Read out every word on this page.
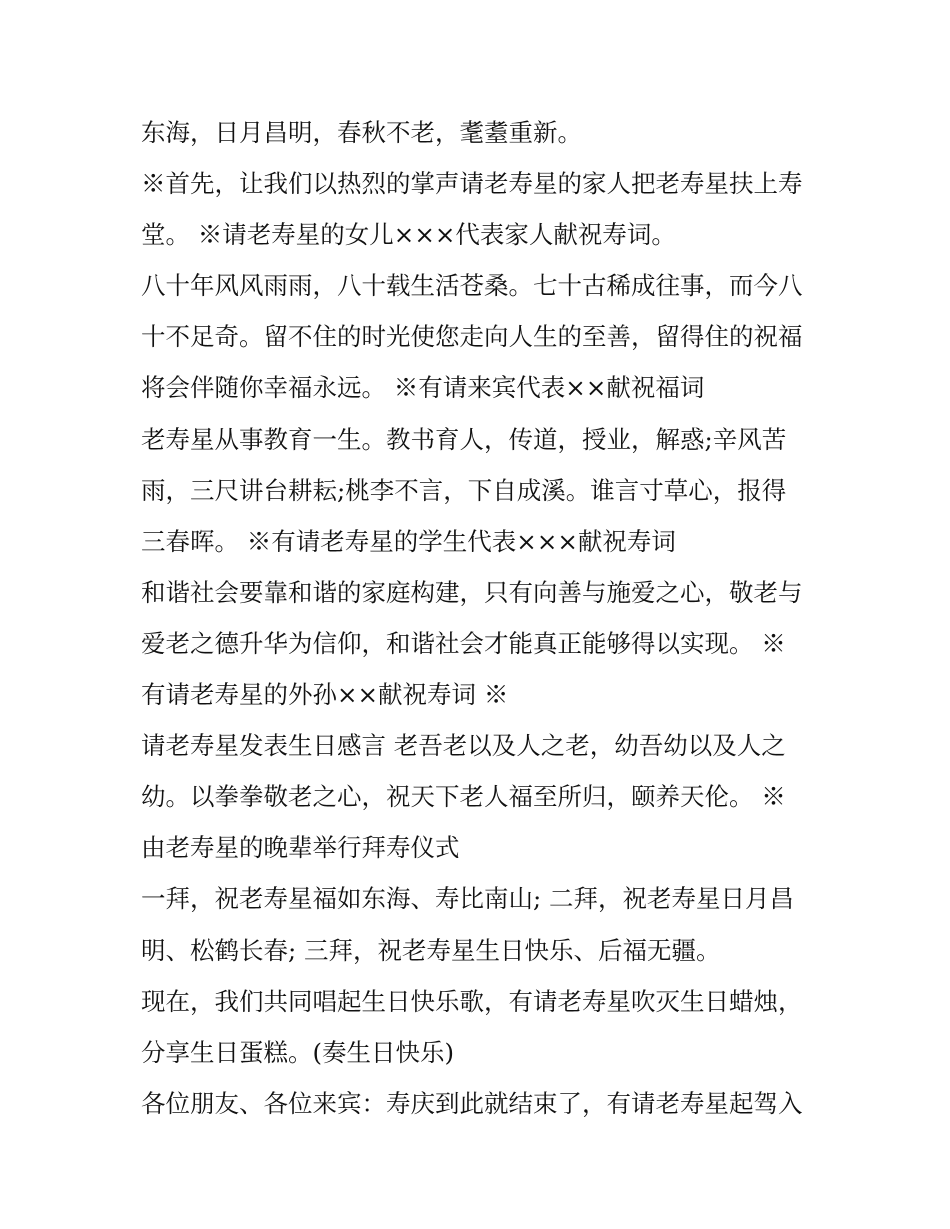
东海，日月昌明，春秋不老，耄耋重新。
※首先，让我们以热烈的掌声请老寿星的家人把老寿星扶上寿
堂。 ※请老寿星的女儿×××代表家人献祝寿词。
八十年风风雨雨，八十载生活苍桑。七十古稀成往事，而今八
十不足奇。留不住的时光使您走向人生的至善，留得住的祝福
将会伴随你幸福永远。 ※有请来宾代表××献祝福词
老寿星从事教育一生。教书育人，传道，授业，解惑;辛风苦
雨，三尺讲台耕耘;桃李不言，下自成溪。谁言寸草心，报得
三春晖。 ※有请老寿星的学生代表×××献祝寿词
和谐社会要靠和谐的家庭构建，只有向善与施爱之心，敬老与
爱老之德升华为信仰，和谐社会才能真正能够得以实现。 ※
有请老寿星的外孙××献祝寿词 ※
请老寿星发表生日感言 老吾老以及人之老，幼吾幼以及人之
幼。以拳拳敬老之心，祝天下老人福至所归，颐养天伦。 ※
由老寿星的晚辈举行拜寿仪式
一拜，祝老寿星福如东海、寿比南山; 二拜，祝老寿星日月昌
明、松鹤长春; 三拜，祝老寿星生日快乐、后福无疆。
现在，我们共同唱起生日快乐歌，有请老寿星吹灭生日蜡烛，
分享生日蛋糕。(奏生日快乐)
各位朋友、各位来宾：寿庆到此就结束了，有请老寿星起驾入
